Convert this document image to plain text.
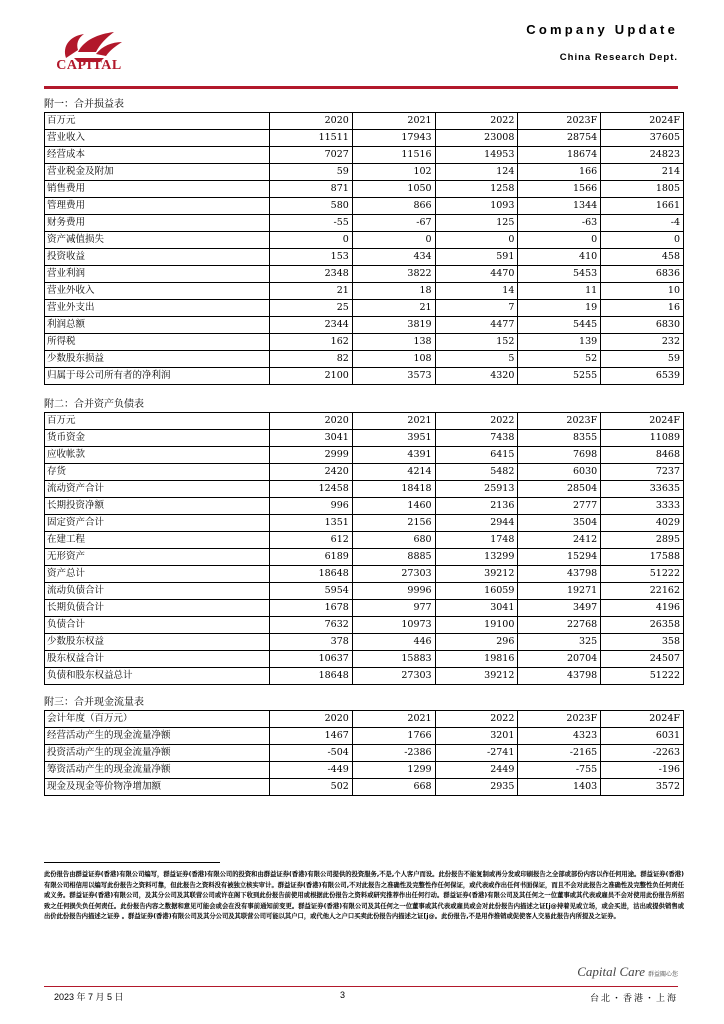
CAPITAL
Company Update
China Research Dept.
附一：合并损益表
百万元	2020	2021	2022	2023F	2024F
营业收入	11511	17943	23008	28754	37605
经营成本	7027	11516	14953	18674	24823
营业税金及附加	59	102	124	166	214
销售费用	871	1050	1258	1566	1805
管理费用	580	866	1093	1344	1661
财务费用	-55	-67	125	-63	-4
资产减值损失	0	0	0	0	0
投资收益	153	434	591	410	458
营业利润	2348	3822	4470	5453	6836
营业外收入	21	18	14	11	10
营业外支出	25	21	7	19	16
利润总额	2344	3819	4477	5445	6830
所得税	162	138	152	139	232
少数股东损益	82	108	5	52	59
归属于母公司所有者的净利润	2100	3573	4320	5255	6539
附二：合并资产负债表
百万元	2020	2021	2022	2023F	2024F
货币资金	3041	3951	7438	8355	11089
应收帐款	2999	4391	6415	7698	8468
存货	2420	4214	5482	6030	7237
流动资产合计	12458	18418	25913	28504	33635
长期投资净额	996	1460	2136	2777	3333
固定资产合计	1351	2156	2944	3504	4029
在建工程	612	680	1748	2412	2895
无形资产	6189	8885	13299	15294	17588
资产总计	18648	27303	39212	43798	51222
流动负债合计	5954	9996	16059	19271	22162
长期负债合计	1678	977	3041	3497	4196
负债合计	7632	10973	19100	22768	26358
少数股东权益	378	446	296	325	358
股东权益合计	10637	15883	19816	20704	24507
负债和股东权益总计	18648	27303	39212	43798	51222
附三：合并现金流量表
会计年度（百万元）	2020	2021	2022	2023F	2024F
经营活动产生的现金流量净额	1467	1766	3201	4323	6031
投资活动产生的现金流量净额	-504	-2386	-2741	-2165	-2263
筹资活动产生的现金流量净额	-449	1299	2449	-755	-196
现金及现金等价物净增加额	502	668	2935	1403	3572
此份报告由群益证券(香港)有限公司编写，群益证券(香港)有限公司的投资和由群益证券(香港)有限公司提供的投资服务,不是,个人客户而设。此份报告不能复制或再分发或印刷报告之全部或部份内容以作任何用途。群益证券(香港)有限公司相信用以编写此份报告之资料可靠，但此报告之资料没有被独立核实审计。群益证券(香港)有限公司,不对此报告之准确性及完整性作任何保证，或代表或作出任何书面保证，而且不会对此报告之准确性及完整性负任何责任或义务。群益证券(香港)有限公司，及其分公司及其联营公司或许在阁下收到此份报告前使用或根据此份报告之资料或研究推荐作出任何行动。群益证券(香港)有限公司及其任何之一位董事或其代表或雇员不会对使用此份报告所招致之任何损失负任何责任。此份报告内容之数据和意见可能会或会在没有事前通知前变更。群益证券(香港)有限公司及其任何之一位董事或其代表或雇员或会对此份报告内描述之证[j@持着见或立场，或会买进，沽出或提供销售或出价此份报告内描述之证券 。群益证券(香港)有限公司及其分公司及其联营公司可能以其户口，或代他人之户口买卖此份报告内描述之证[j@。此份报告,不是用作推销或促使客人交易此报告内所提及之证券。
Capital Care 群益關心您
2023 年 7 月 5 日	3	台北・香港・上海
